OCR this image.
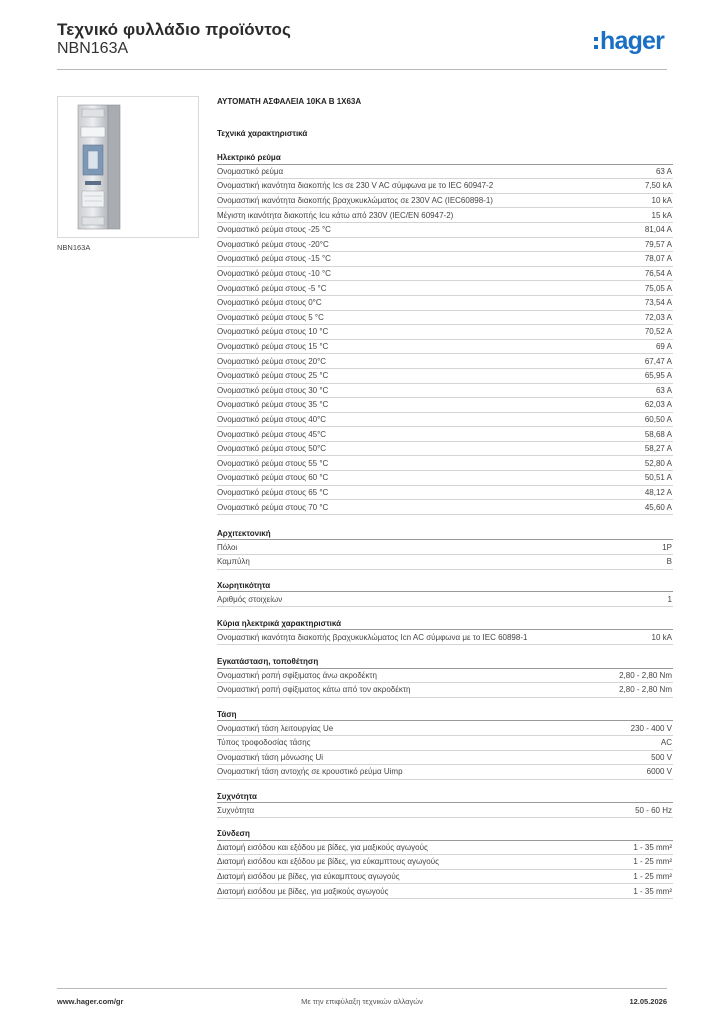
Τεχνικό φυλλάδιο προϊόντος
NBN163A	hager
NBN163A
ΑΥΤΟΜΑΤΗ ΑΣΦΑΛΕΙΑ 10KA B 1X63A
Τεχνικά χαρακτηριστικά
Ηλεκτρικό ρεύμα
Ονομαστικό ρεύμα	63 A
Ονομαστική ικανότητα διακοπής Ics σε 230 V AC σύμφωνα με το IEC 60947-2	7,50 kA
Ονομαστική ικανότητα διακοπής βραχυκυκλώματος σε 230V AC (IEC60898-1)	10 kA
Μέγιστη ικανότητα διακοπής Icu κάτω από 230V (IEC/EN 60947-2)	15 kA
Ονομαστικό ρεύμα στους -25 °C	81,04 A
Ονομαστικό ρεύμα στους -20°C	79,57 A
Ονομαστικό ρεύμα στους -15 °C	78,07 A
Ονομαστικό ρεύμα στους -10 °C	76,54 A
Ονομαστικό ρεύμα στους -5 °C	75,05 A
Ονομαστικό ρεύμα στους 0°C	73,54 A
Ονομαστικό ρεύμα στους 5 °C	72,03 A
Ονομαστικό ρεύμα στους 10 °C	70,52 A
Ονομαστικό ρεύμα στους 15 °C	69 A
Ονομαστικό ρεύμα στους 20°C	67,47 A
Ονομαστικό ρεύμα στους 25 °C	65,95 A
Ονομαστικό ρεύμα στους 30 °C	63 A
Ονομαστικό ρεύμα στους 35 °C	62,03 A
Ονομαστικό ρεύμα στους 40°C	60,50 A
Ονομαστικό ρεύμα στους 45°C	58,68 A
Ονομαστικό ρεύμα στους 50°C	58,27 A
Ονομαστικό ρεύμα στους 55 °C	52,80 A
Ονομαστικό ρεύμα στους 60 °C	50,51 A
Ονομαστικό ρεύμα στους 65 °C	48,12 A
Ονομαστικό ρεύμα στους 70 °C	45,60 A
Αρχιτεκτονική
Πόλοι	1P
Καμπύλη	B
Χωρητικότητα
Αριθμός στοιχείων	1
Κύρια ηλεκτρικά χαρακτηριστικά
Ονομαστική ικανότητα διακοπής βραχυκυκλώματος Icn AC σύμφωνα με το IEC 60898-1	10 kA
Εγκατάσταση, τοποθέτηση
Ονομαστική ροπή σφίξιματος άνω ακροδέκτη	2,80 - 2,80 Nm
Ονομαστική ροπή σφίξιματος κάτω από τον ακροδέκτη	2,80 - 2,80 Nm
Τάση
Ονομαστική τάση λειτουργίας Ue	230 - 400 V
Τύπος τροφοδοσίας τάσης	AC
Ονομαστική τάση μόνωσης Ui	500 V
Ονομαστική τάση αντοχής σε κρουστικό ρεύμα Uimp	6000 V
Συχνότητα
Συχνότητα	50 - 60 Hz
Σύνδεση
Διατομή εισόδου και εξόδου με βίδες, για μαξικούς αγωγούς	1 - 35 mm²
Διατομή εισόδου και εξόδου με βίδες, για εύκαμπτους αγωγούς	1 - 25 mm²
Διατομή εισόδου με βίδες, για εύκαμπτους αγωγούς	1 - 25 mm²
Διατομή εισόδου με βίδες, για μαξικούς αγωγούς	1 - 35 mm²
Με την επιφύλαξη τεχνικών αλλαγών
www.hager.com/gr	12.05.2026
